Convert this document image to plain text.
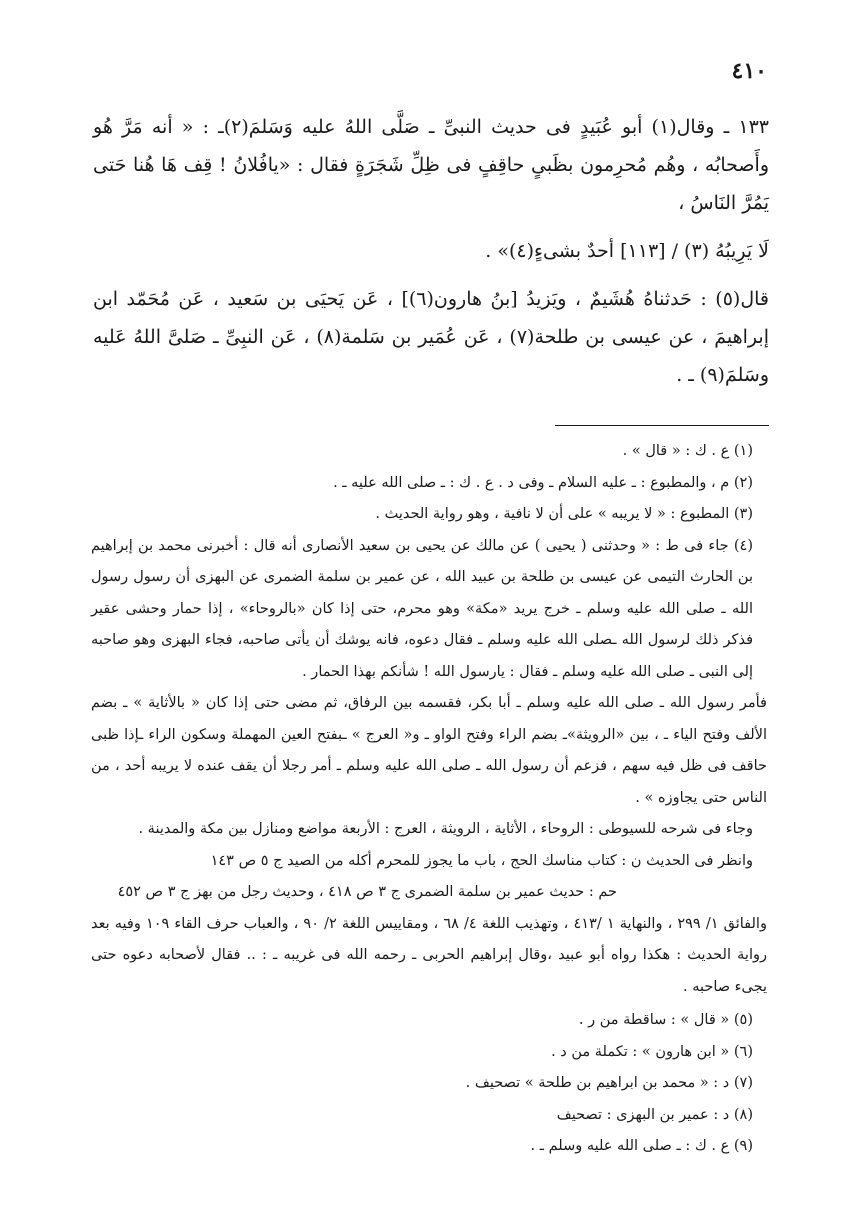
٤١٠

١٣٣ ـ وقال(١) أبو عُبَيدٍ فى حديث النبىِّ ـ صَلَّى اللهُ عليه وَسَلمَ(٢)ـ : « أنه مَرَّ هُو وأَصحابُه ، وهُم مُحرِمون بظَبىٍ حاقِفٍ فى ظِلِّ شَجَرَةٍ فقال : «يافُلانُ ! قِف هَا هُنا حَتى يَمُرَّ النَاسُ ،

لَا يَرِيبُهُ (٣) / [١١٣] أحدٌ بشىءٍ(٤)» .

قال(٥) : حَدثناهُ هُشَيمٌ ، ويَزيدُ [بنُ هارون(٦)] ، عَن يَحيَى بن سَعيد ، عَن مُحَمّد ابن إبراهيمَ ، عن عيسى بن طلحة(٧) ، عَن عُمَير بن سَلمة(٨) ، عَن النبِىِّ ـ صَلىَّ اللهُ عَليه وسَلمَ(٩) ـ .

(١) ع . ك : « قال » .

(٢) م ، والمطبوع : ـ عليه السلام ـ وفى د . ع . ك : ـ صلى الله عليه ـ .

(٣) المطبوع : « لا يريبه » على أن لا نافية ، وهو رواية الحديث .

(٤) جاء فى ط : « وحدثنى ( يحيى ) عن مالك عن يحيى بن سعيد الأنصارى أنه قال : أخبرنى محمد بن إبراهيم بن الحارث التيمى عن عيسى بن طلحة بن عبيد الله ، عن عمير بن سلمة الضمرى عن البهزى أن رسول رسول الله ـ صلى الله عليه وسلم ـ خرج يريد «مكة» وهو محرم، حتى إذا كان «بالروحاء» ، إذا حمار وحشى عقير فذكر ذلك لرسول الله ـصلى الله عليه وسلم ـ فقال دعوه، فانه يوشك أن يأتى صاحبه، فجاء البهزى وهو صاحبه إلى النبى ـ صلى الله عليه وسلم ـ فقال : يارسول الله ! شأنكم بهذا الحمار .

فأمر رسول الله ـ صلى الله عليه وسلم ـ أبا بكر، فقسمه بين الرفاق، ثم مضى حتى إذا كان « بالأثاية » ـ بضم الألف وفتح الياء ـ ، بين «الرويثة»ـ بضم الراء وفتح الواو ـ و« العرج » ـبفتح العين المهملة وسكون الراء ـإذا ظبى حاقف فى ظل فيه سهم ، فزعم أن رسول الله ـ صلى الله عليه وسلم ـ أمر رجلا أن يقف عنده لا يريبه أحد ، من الناس حتى يجاوزه » .

وجاء فى شرحه للسيوطى : الروحاء ، الأثاية ، الرويثة ، العرج : الأربعة مواضع ومنازل بين مكة والمدينة .

وانظر فى الحديث ن : كتاب مناسك الحج ، باب ما يجوز للمحرم أكله من الصيد ج ٥ ص ١٤٣

حم : حديث عمير بن سلمة الضمرى ج ٣ ص ٤١٨ ، وحديث رجل من بهز ج ٣ ص ٤٥٢

والفائق ١/ ٢٩٩ ، والنهاية ١ /٤١٣ ، وتهذيب اللغة ٤/ ٦٨ ، ومقاييس اللغة ٢/ ٩٠ ، والعباب حرف القاء ١٠٩ وفيه بعد رواية الحديث : هكذا رواه أبو عبيد ،وقال إبراهيم الحربى ـ رحمه الله فى غريبه ـ : .. فقال لأصحابه دعوه حتى يجىء صاحبه .

(٥) « قال » : ساقطة من ر .

(٦) « ابن هارون » : تكملة من د .

(٧) د : « محمد بن ابراهيم بن طلحة » تصحيف .

(٨) د : عمير بن البهزى : تصحيف

(٩) ع . ك : ـ صلى الله عليه وسلم ـ .
